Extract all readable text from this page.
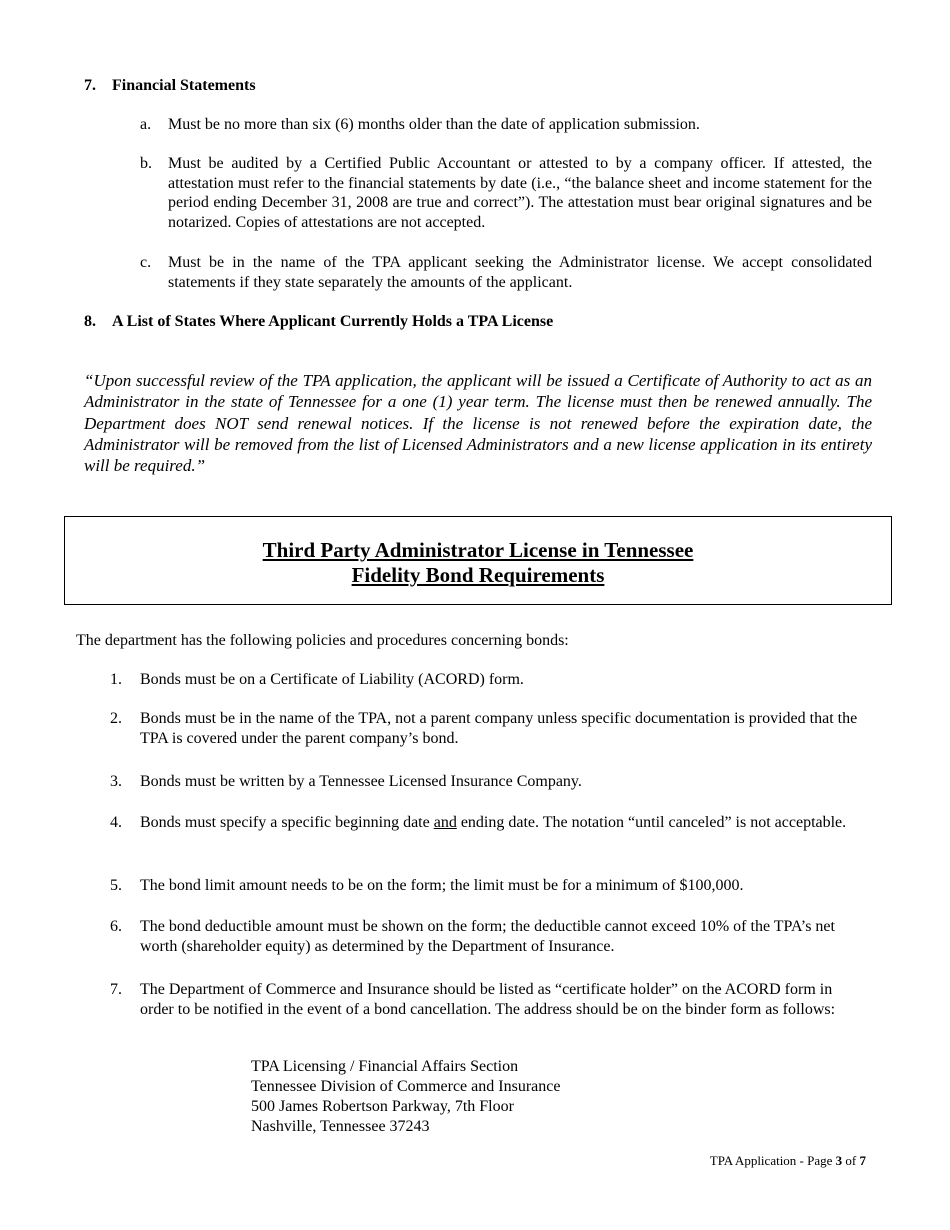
7. Financial Statements
a.	Must be no more than six (6) months older than the date of application submission.
b.	Must be audited by a Certified Public Accountant or attested to by a company officer. If attested, the attestation must refer to the financial statements by date (i.e., “the balance sheet and income statement for the period ending December 31, 2008 are true and correct”). The attestation must bear original signatures and be notarized. Copies of attestations are not accepted.
c.	Must be in the name of the TPA applicant seeking the Administrator license. We accept consolidated statements if they state separately the amounts of the applicant.
8. A List of States Where Applicant Currently Holds a TPA License
“Upon successful review of the TPA application, the applicant will be issued a Certificate of Authority to act as an Administrator in the state of Tennessee for a one (1) year term. The license must then be renewed annually. The Department does NOT send renewal notices. If the license is not renewed before the expiration date, the Administrator will be removed from the list of Licensed Administrators and a new license application in its entirety will be required.”
Third Party Administrator License in Tennessee
Fidelity Bond Requirements
The department has the following policies and procedures concerning bonds:
1.	Bonds must be on a Certificate of Liability (ACORD) form.
2.	Bonds must be in the name of the TPA, not a parent company unless specific documentation is provided that the TPA is covered under the parent company’s bond.
3.	Bonds must be written by a Tennessee Licensed Insurance Company.
4.	Bonds must specify a specific beginning date and ending date. The notation “until canceled” is not acceptable.
5.	The bond limit amount needs to be on the form; the limit must be for a minimum of $100,000.
6.	The bond deductible amount must be shown on the form; the deductible cannot exceed 10% of the TPA’s net worth (shareholder equity) as determined by the Department of Insurance.
7.	The Department of Commerce and Insurance should be listed as “certificate holder” on the ACORD form in order to be notified in the event of a bond cancellation. The address should be on the binder form as follows:
TPA Licensing / Financial Affairs Section
Tennessee Division of Commerce and Insurance
500 James Robertson Parkway, 7th Floor
Nashville, Tennessee 37243
TPA Application - Page 3 of 7
